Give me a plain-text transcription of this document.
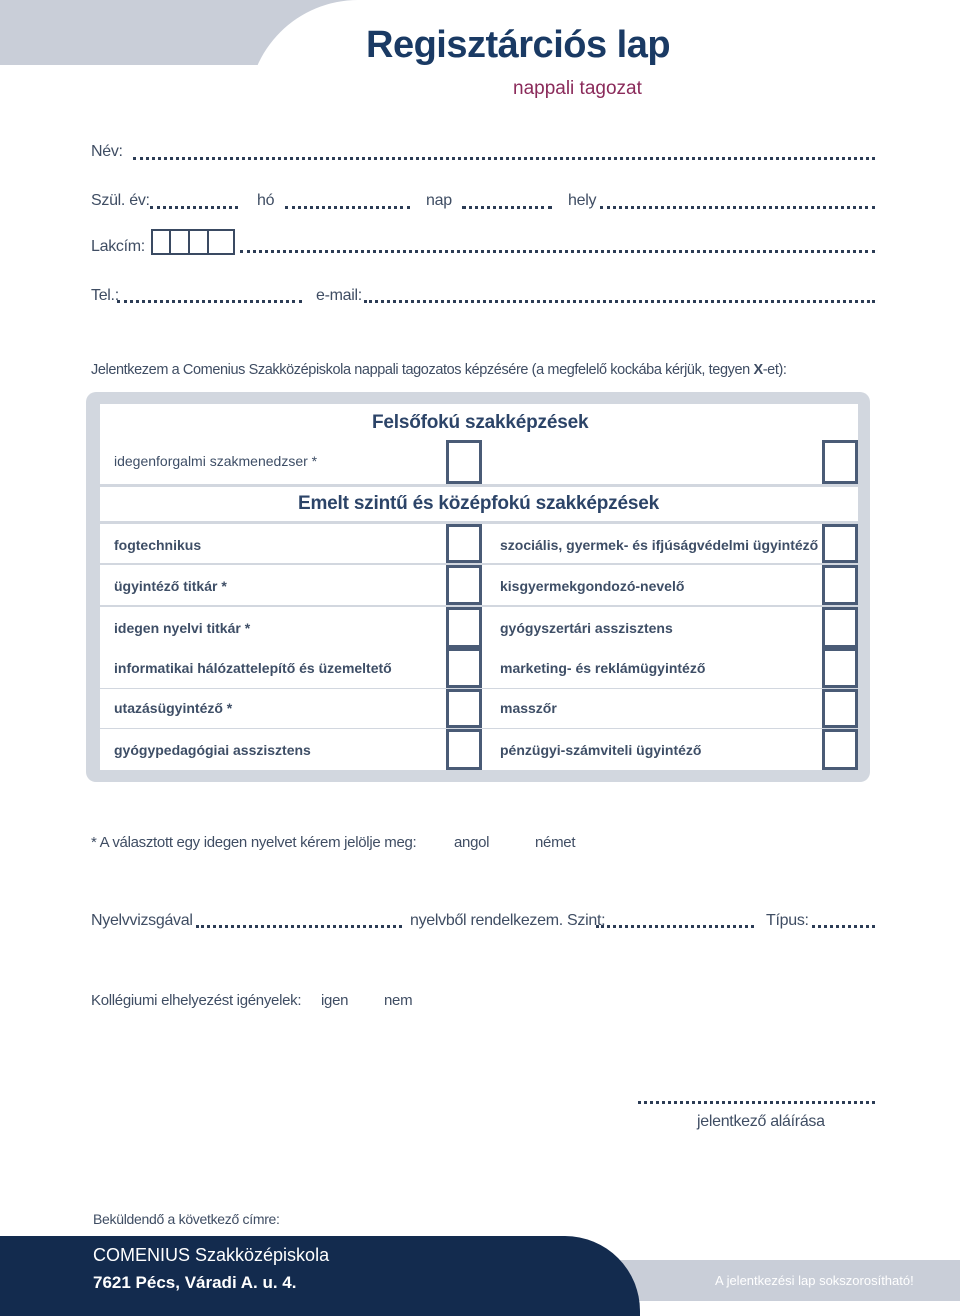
Regisztárciós lap
nappali tagozat
Név:
Szül. év:	hó	nap	hely
Lakcím:
Tel.:	e-mail:
Jelentkezem a Comenius Szakközépiskola nappali tagozatos képzésére (a megfelelő kockába kérjük, tegyen X-et):
Felsőfokú szakképzések
idegenforgalmi szakmenedzser *
Emelt szintű és középfokú szakképzések
fogtechnikus	szociális, gyermek- és ifjúságvédelmi ügyintéző
ügyintéző titkár *	kisgyermekgondozó-nevelő
idegen nyelvi titkár *	gyógyszertári asszisztens
informatikai hálózattelepítő és üzemeltető	marketing- és reklámügyintéző
utazásügyintéző *	masszőr
gyógypedagógiai asszisztens	pénzügyi-számviteli ügyintéző
* A választott egy idegen nyelvet kérem jelölje meg:	angol	német
Nyelvvizsgával	nyelvből rendelkezem. Szint:	Típus:
Kollégiumi elhelyezést igényelek: igen nem
jelentkező aláírása
Beküldendő a következő címre:
COMENIUS Szakközépiskola
7621 Pécs, Váradi A. u. 4.	A jelentkezési lap sokszorosítható!
